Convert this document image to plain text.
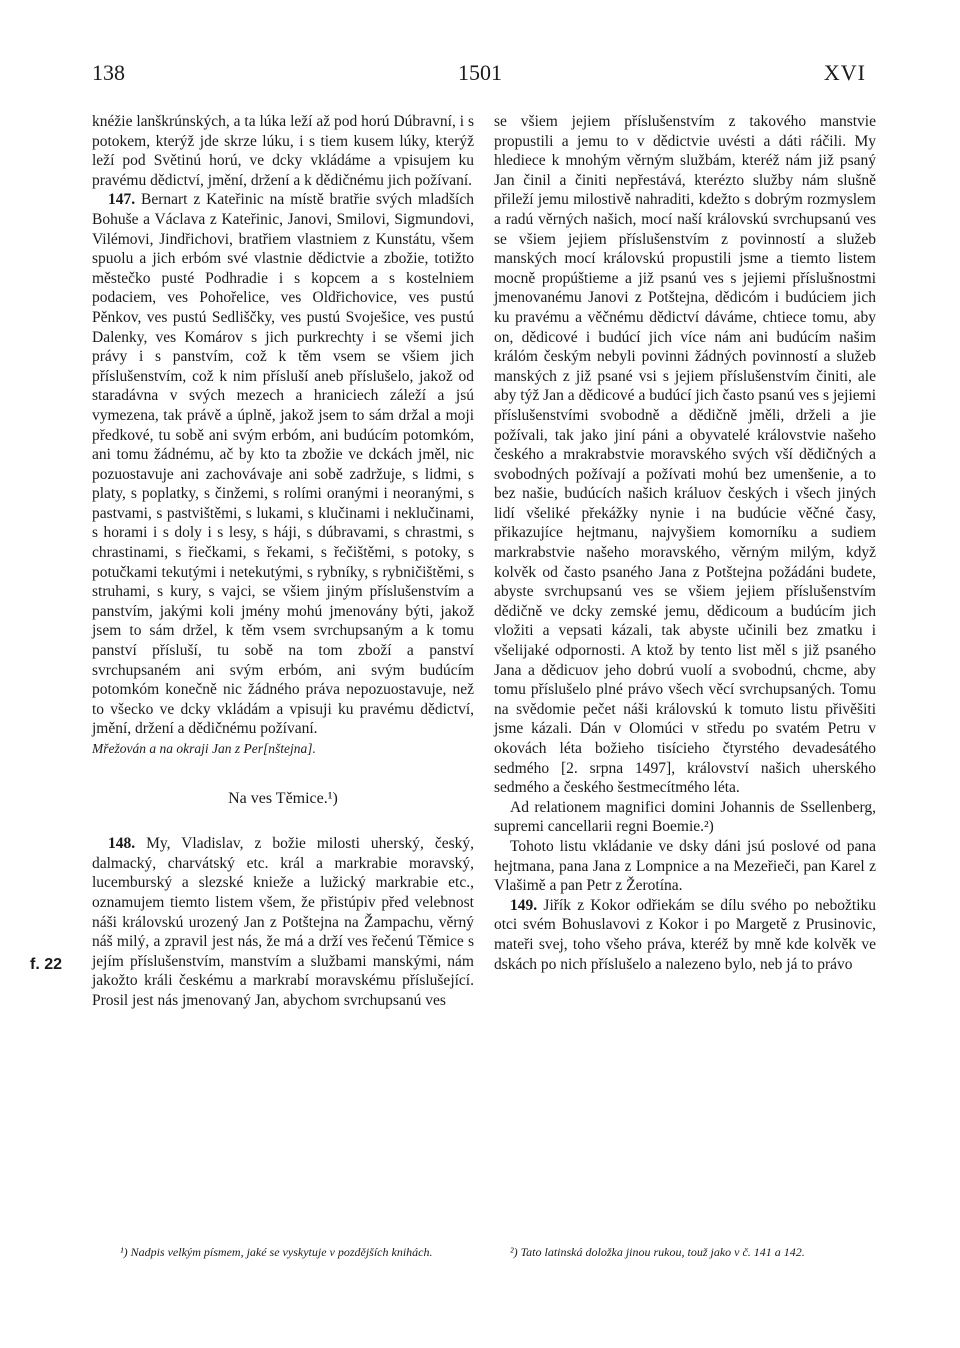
138	1501	XVI
f. 22

knéžie lanškrúnských, a ta lúka leží až pod horú Dúbravní, i s potokem, kterýž jde skrze lúku, i s tiem kusem lúky, kterýž leží pod Světinú horú, ve dcky vkládáme a vpisujem ku pravému dědictví, jmění, držení a k dědičnému jich požívaní.

147. Bernart z Kateřinic na místě bratřie svých mladších Bohuše a Václava z Kateřinic, Janovi, Smilovi, Sigmundovi, Vilémovi, Jindřichovi, bratřiem vlastniem z Kunstátu, všem spuolu a jich erbóm své vlastnie dědictvie a zbožie, totižto městečko pusté Podhradie i s kopcem a s kostelniem podaciem, ves Pohořelice, ves Oldřichovice, ves pustú Pěnkov, ves pustú Sedliščky, ves pustú Svoješice, ves pustú Dalenky, ves Komárov s jich purkrechty i se všemi jich právy i s panstvím, což k těm vsem se všiem jich příslušenstvím, což k nim přísluší aneb příslušelo, jakož od staradávna v svých mezech a hraniciech záleží a jsú vymezena, tak právě a úplně, jakož jsem to sám držal a moji předkové, tu sobě ani svým erbóm, ani budúcím potomkóm, ani tomu žádnému, ač by kto ta zbožie ve dckách jměl, nic pozuostavuje ani zachovávaje ani sobě zadržuje, s lidmi, s platy, s poplatky, s činžemi, s rolími oranými i neoranými, s pastvami, s pastvištěmi, s lukami, s klučinami i neklučinami, s horami i s doly i s lesy, s háji, s dúbravami, s chrastmi, s chrastinami, s řiečkami, s řekami, s řečištěmi, s potoky, s potučkami tekutými i netekutými, s rybníky, s rybničištěmi, s struhami, s kury, s vajci, se všiem jiným příslušenstvím a panstvím, jakými koli jmény mohú jmenovány býti, jakož jsem to sám držel, k těm vsem svrchupsaným a k tomu panství přísluší, tu sobě na tom zboží a panství svrchupsaném ani svým erbóm, ani svým budúcím potomkóm konečně nic žádného práva nepozuostavuje, než to všecko ve dcky vkládám a vpisuji ku pravému dědictví, jmění, držení a dědičnému požívaní.

Mřežován a na okraji Jan z Per[nštejna].

Na ves Těmice.¹)

148. My, Vladislav, z božie milosti uherský, český, dalmacký, charvátský etc. král a markrabie moravský, lucemburský a slezské knieže a lužický markrabie etc., oznamujem tiemto listem všem, že přistúpiv před velebnost náši královskú urozený Jan z Potštejna na Žampachu, věrný náš milý, a zpravil jest nás, že má a drží ves řečenú Těmice s jejím příslušenstvím, manstvím a službami manskými, nám jakožto králi českému a markrabí moravskému příslušející. Prosil jest nás jmenovaný Jan, abychom svrchupsanú ves

se všiem jejiem příslušenstvím z takového manstvie propustili a jemu to v dědictvie uvésti a dáti ráčili. My hlediece k mnohým věrným službám, kteréž nám již psaný Jan činil a činiti nepřestává, kterézto služby nám slušně přileží jemu milostivě nahraditi, kdežto s dobrým rozmyslem a radú věrných našich, mocí naší královskú svrchupsanú ves se všiem jejiem příslušenstvím z povinností a služeb manských mocí královskú propustili jsme a tiemto listem mocně propúštieme a již psanú ves s jejiemi příslušnostmi jmenovanému Janovi z Potštejna, dědicóm i budúciem jich ku pravému a věčnému dědictví dáváme, chtiece tomu, aby on, dědicové i budúcí jich více nám ani budúcím našim králóm českým nebyli povinni žádných povinností a služeb manských z již psané vsi s jejiem příslušenstvím činiti, ale aby týž Jan a dědicové a budúcí jich často psanú ves s jejiemi příslušenstvími svobodně a dědičně jměli, drželi a jie požívali, tak jako jiní páni a obyvatelé královstvie našeho českého a mrakrabstvie moravského svých vší dědičných a svobodných požívají a požívati mohú bez umenšenie, a to bez našie, budúcích našich králuov českých i všech jiných lidí všeliké překážky nynie i na budúcie věčné časy, přikazujíce hejtmanu, najvyšiem komorníku a sudiem markrabstvie našeho moravského, věrným milým, když kolvěk od často psaného Jana z Potštejna požádáni budete, abyste svrchupsanú ves se všiem jejiem příslušenstvím dědičně ve dcky zemské jemu, dědicoum a budúcím jich vložiti a vepsati kázali, tak abyste učinili bez zmatku i všelijaké odpornosti. A ktož by tento list měl s již psaného Jana a dědicuov jeho dobrú vuolí a svobodnú, chcme, aby tomu příslušelo plné právo všech věcí svrchupsaných. Tomu na svědomie pečet náši královskú k tomuto listu přivěšiti jsme kázali. Dán v Olomúci v středu po svatém Petru v okovách léta božieho tisícieho čtyrstého devadesátého sedmého [2. srpna 1497], království našich uherského sedmého a českého šestmecítmého léta.

Ad relationem magnifici domini Johannis de Ssellenberg, supremi cancellarii regni Boemie.²)

Tohoto listu vkládanie ve dsky dáni jsú poslové od pana hejtmana, pana Jana z Lompnice a na Mezeřieči, pan Karel z Vlašimě a pan Petr z Žerotína.

149. Jiřík z Kokor odřiekám se dílu svého po nebožtiku otci svém Bohuslavovi z Kokor i po Margetě z Prusinovic, mateři svej, toho všeho práva, kteréž by mně kde kolvěk ve dskách po nich příslušelo a nalezeno bylo, neb já to právo

¹) Nadpis velkým písmem, jaké se vyskytuje v pozdějších knihách.	²) Tato latinská doložka jinou rukou, touž jako v č. 141 a 142.
